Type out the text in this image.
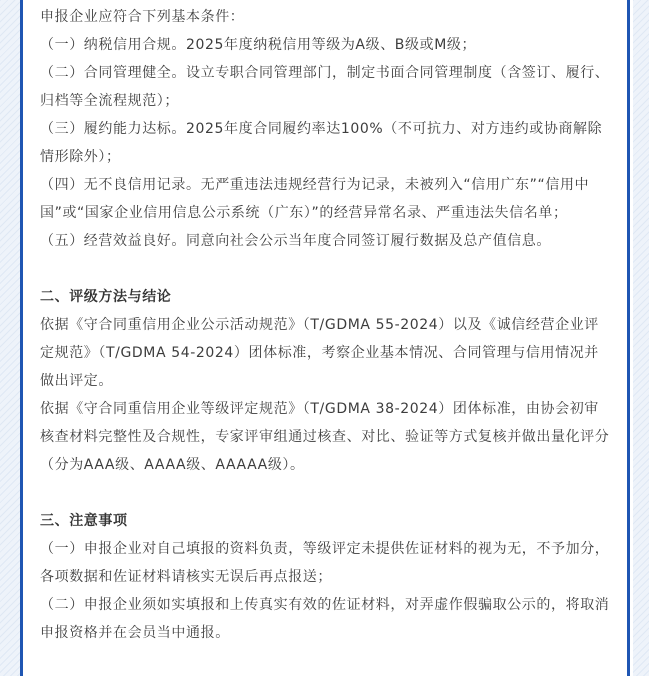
申报企业应符合下列基本条件：

（一）纳税信用合规。2025年度纳税信用等级为A级、B级或M级；

（二）合同管理健全。设立专职合同管理部门，制定书面合同管理制度（含签订、履行、归档等全流程规范）；

（三）履约能力达标。2025年度合同履约率达100%（不可抗力、对方违约或协商解除情形除外）；

（四）无不良信用记录。无严重违法违规经营行为记录，未被列入“信用广东”“信用中国”或“国家企业信用信息公示系统（广东）”的经营异常名录、严重违法失信名单；

（五）经营效益良好。同意向社会公示当年度合同签订履行数据及总产值信息。

二、评级方法与结论

依据《守合同重信用企业公示活动规范》（T/GDMA 55-2024）以及《诚信经营企业评定规范》（T/GDMA 54-2024）团体标准，考察企业基本情况、合同管理与信用情况并做出评定。

依据《守合同重信用企业等级评定规范》（T/GDMA 38-2024）团体标准，由协会初审核查材料完整性及合规性，专家评审组通过核查、对比、验证等方式复核并做出量化评分（分为AAA级、AAAA级、AAAAA级）。

三、注意事项

（一）申报企业对自己填报的资料负责，等级评定未提供佐证材料的视为无，不予加分，各项数据和佐证材料请核实无误后再点报送；

（二）申报企业须如实填报和上传真实有效的佐证材料，对弄虚作假骗取公示的，将取消申报资格并在会员当中通报。
